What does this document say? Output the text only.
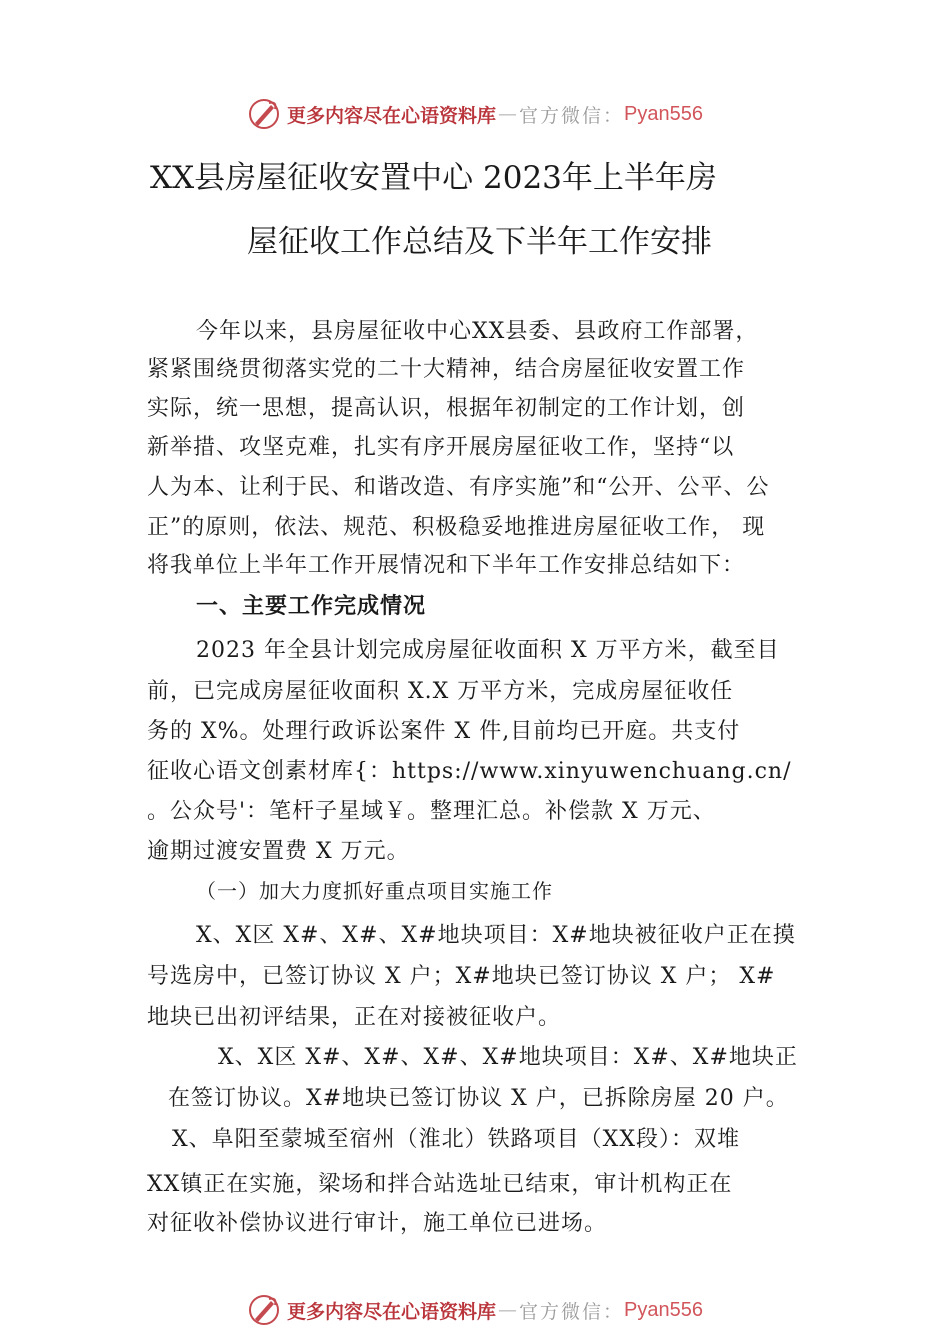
更多内容尽在心语资料库 — 官方微信： Pyan556
XX县房屋征收安置中心 2023年上半年房
屋征收工作总结及下半年工作安排
今年以来，县房屋征收中心XX县委、县政府工作部署，
紧紧围绕贯彻落实党的二十大精神，结合房屋征收安置工作
实际，统一思想，提高认识，根据年初制定的工作计划，创
新举措、攻坚克难，扎实有序开展房屋征收工作，坚持“以
人为本、让利于民、和谐改造、有序实施”和“公开、公平、公
正”的原则，依法、规范、积极稳妥地推进房屋征收工作， 现
将我单位上半年工作开展情况和下半年工作安排总结如下：
一、主要工作完成情况
2023 年全县计划完成房屋征收面积 X 万平方米，截至目
前，已完成房屋征收面积 X.X 万平方米，完成房屋征收任
务的 X%。处理行政诉讼案件 X 件,目前均已开庭。共支付
征收心语文创素材库{：https://www.xinyuwenchuang.cn/
。公众号'：笔杆子星域￥。整理汇总。补偿款 X 万元、
逾期过渡安置费 X 万元。
（一）加大力度抓好重点项目实施工作
X、X区 X#、X#、X#地块项目：X#地块被征收户正在摸
号选房中，已签订协议 X 户；X#地块已签订协议 X 户； X#
地块已出初评结果，正在对接被征收户。
X、X区 X#、X#、X#、X#地块项目：X#、X#地块正
在签订协议。X#地块已签订协议 X 户，已拆除房屋 20 户。
X、阜阳至蒙城至宿州（淮北）铁路项目（XX段）：双堆
XX镇正在实施，梁场和拌合站选址已结束，审计机构正在
对征收补偿协议进行审计，施工单位已进场。
更多内容尽在心语资料库 — 官方微信： Pyan556
